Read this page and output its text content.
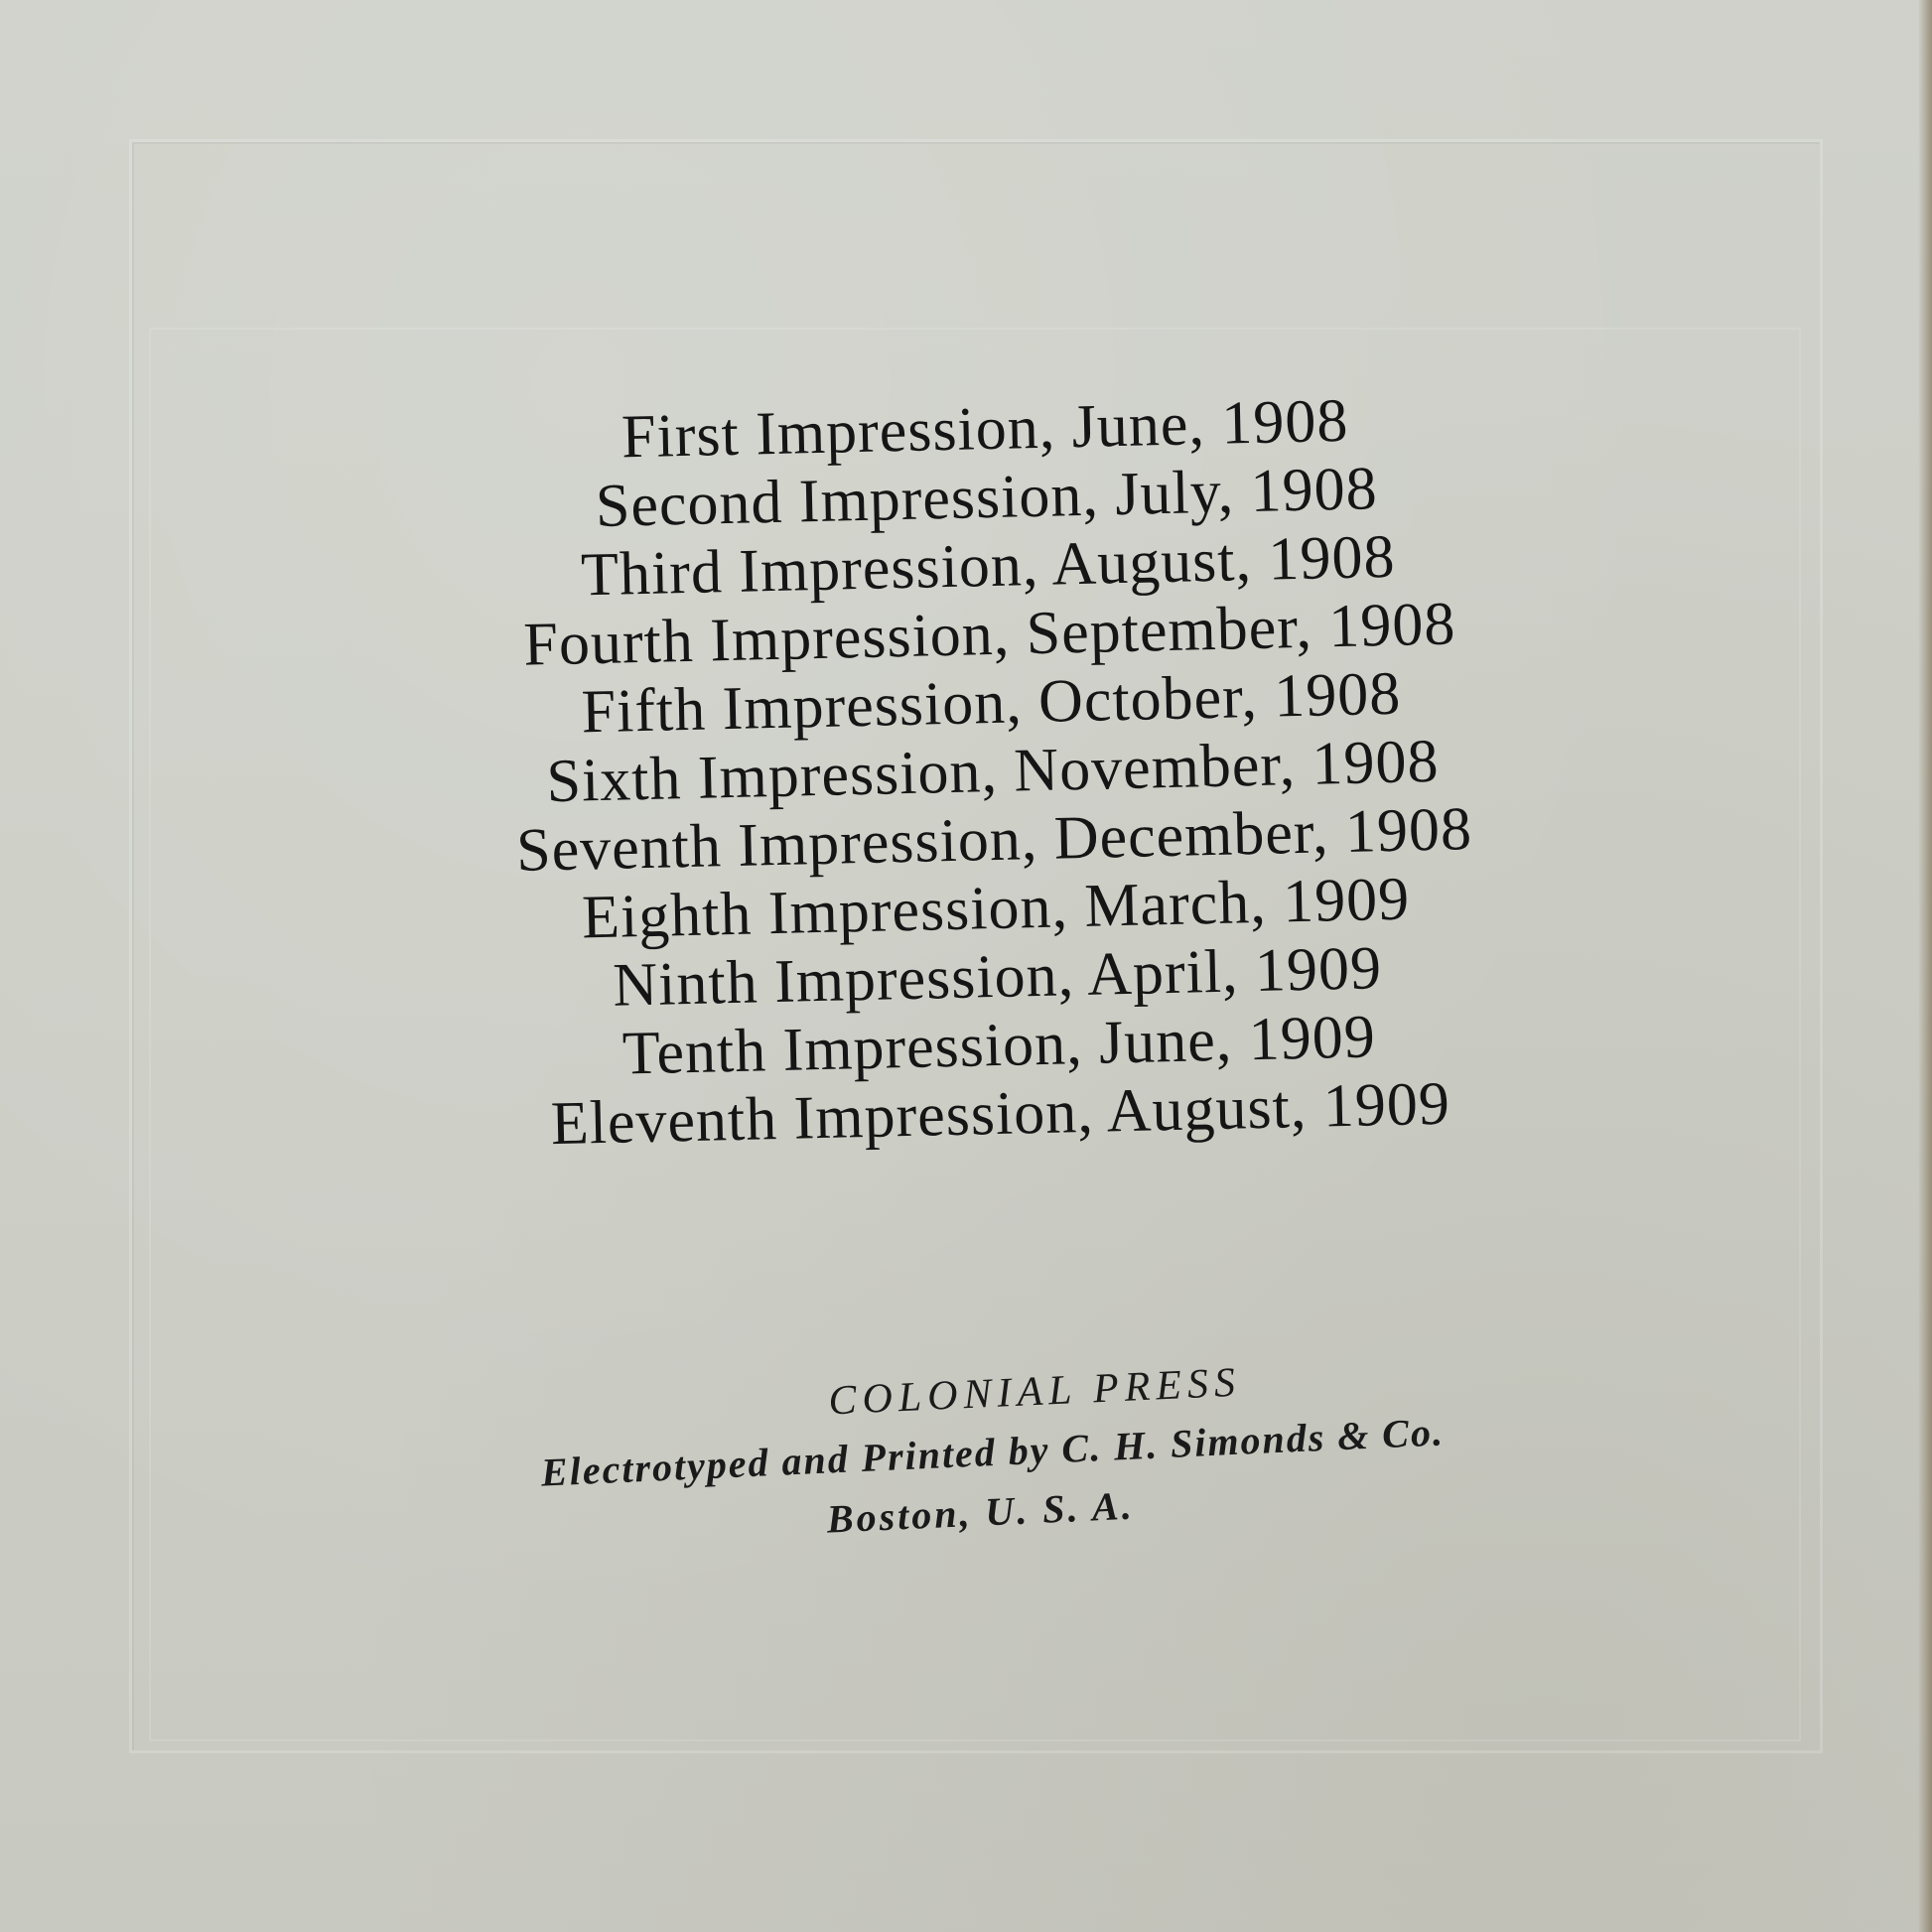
First Impression, June, 1908
Second Impression, July, 1908
Third Impression, August, 1908
Fourth Impression, September, 1908
Fifth Impression, October, 1908
Sixth Impression, November, 1908
Seventh Impression, December, 1908
Eighth Impression, March, 1909
Ninth Impression, April, 1909
Tenth Impression, June, 1909
Eleventh Impression, August, 1909
COLONIAL PRESS
Electrotyped and Printed by C. H. Simonds & Co.
Boston, U. S. A.
